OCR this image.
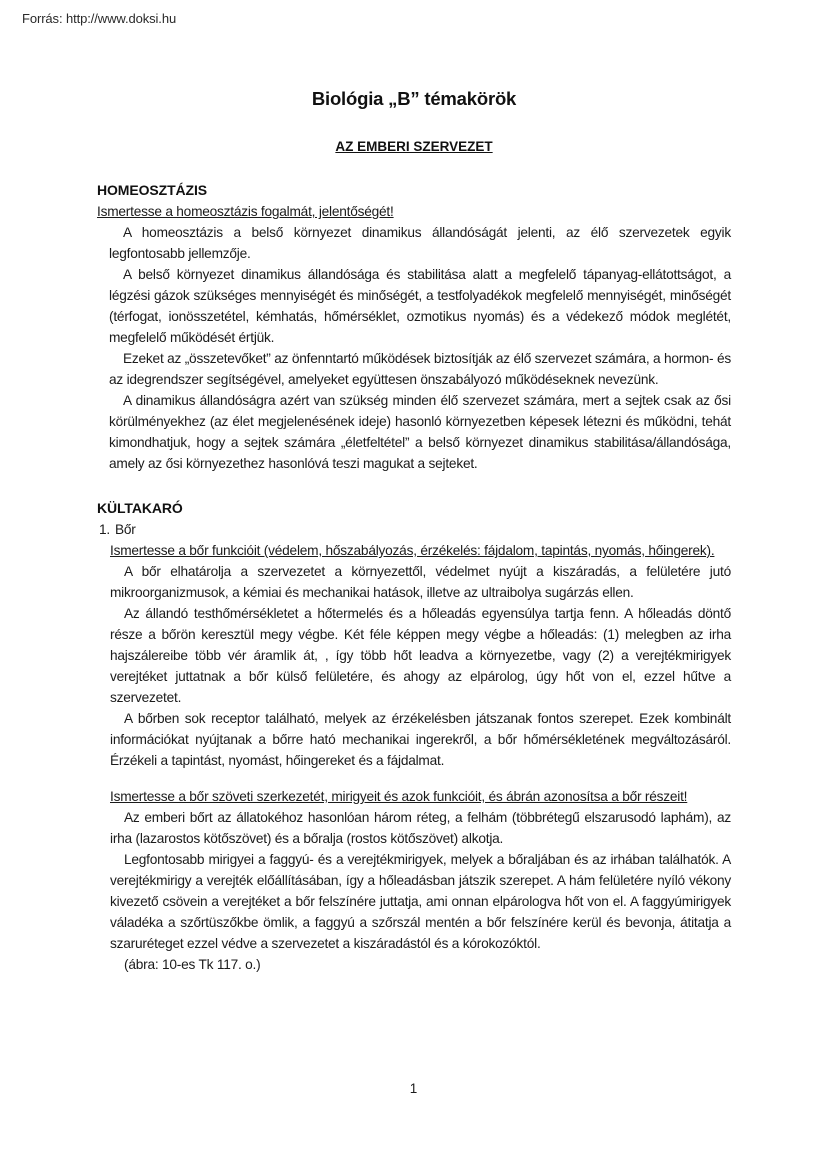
Forrás: http://www.doksi.hu
Biológia „B” témakörök
AZ EMBERI SZERVEZET
HOMEOSZTÁZIS
Ismertesse a homeosztázis fogalmát, jelentőségét!

A homeosztázis a belső környezet dinamikus állandóságát jelenti, az élő szervezetek egyik legfontosabb jellemzője.

A belső környezet dinamikus állandósága és stabilitása alatt a megfelelő tápanyag-ellátottságot, a légzési gázok szükséges mennyiségét és minőségét, a testfolyadékok megfelelő mennyiségét, minőségét (térfogat, ionösszetétel, kémhatás, hőmérséklet, ozmotikus nyomás) és a védekező módok meglétét, megfelelő működését értjük.

Ezeket az „összetevőket” az önfenntartó működések biztosítják az élő szervezet számára, a hormon- és az idegrendszer segítségével, amelyeket együttesen önszabályozó működéseknek nevezünk.

A dinamikus állandóságra azért van szükség minden élő szervezet számára, mert a sejtek csak az ősi körülményekhez (az élet megjelenésének ideje) hasonló környezetben képesek létezni és működni, tehát kimondhatjuk, hogy a sejtek számára „életfeltétel” a belső környezet dinamikus stabilitása/állandósága, amely az ősi környezethez hasonlóvá teszi magukat a sejteket.

KÜLTAKARÓ
1. Bőr
Ismertesse a bőr funkcióit (védelem, hőszabályozás, érzékelés: fájdalom, tapintás, nyomás, hőingerek).

A bőr elhatárolja a szervezetet a környezettől, védelmet nyújt a kiszáradás, a felületére jutó mikroorganizmusok, a kémiai és mechanikai hatások, illetve az ultraibolya sugárzás ellen.

Az állandó testhőmérsékletet a hőtermelés és a hőleadás egyensúlya tartja fenn. A hőleadás döntő része a bőrön keresztül megy végbe. Két féle képpen megy végbe a hőleadás: (1) melegben az irha hajszálereibe több vér áramlik át, , így több hőt leadva a környezetbe, vagy (2) a verejtékmirigyek verejtéket juttatnak a bőr külső felületére, és ahogy az elpárolog, úgy hőt von el, ezzel hűtve a szervezetet.

A bőrben sok receptor található, melyek az érzékelésben játszanak fontos szerepet. Ezek kombinált információkat nyújtanak a bőrre ható mechanikai ingerekről, a bőr hőmérsékletének megváltozásáról. Érzékeli a tapintást, nyomást, hőingereket és a fájdalmat.

Ismertesse a bőr szöveti szerkezetét, mirigyeit és azok funkcióit, és ábrán azonosítsa a bőr részeit!

Az emberi bőrt az állatokéhoz hasonlóan három réteg, a felhám (többrétegű elszarusodó laphám), az irha (lazarostos kötőszövet) és a bőralja (rostos kötőszövet) alkotja.

Legfontosabb mirigyei a faggyú- és a verejtékmirigyek, melyek a bőraljában és az irhában találhatók. A verejtékmirigy a verejték előállításában, így a hőleadásban játszik szerepet. A hám felületére nyíló vékony kivezető csövein a verejtéket a bőr felszínére juttatja, ami onnan elpárologva hőt von el. A faggyúmirigyek váladéka a szőrtüszőkbe ömlik, a faggyú a szőrszál mentén a bőr felszínére kerül és bevonja, átitatja a szaruréteget ezzel védve a szervezetet a kiszáradástól és a kórokozóktól.

(ábra: 10-es Tk 117. o.)

1
